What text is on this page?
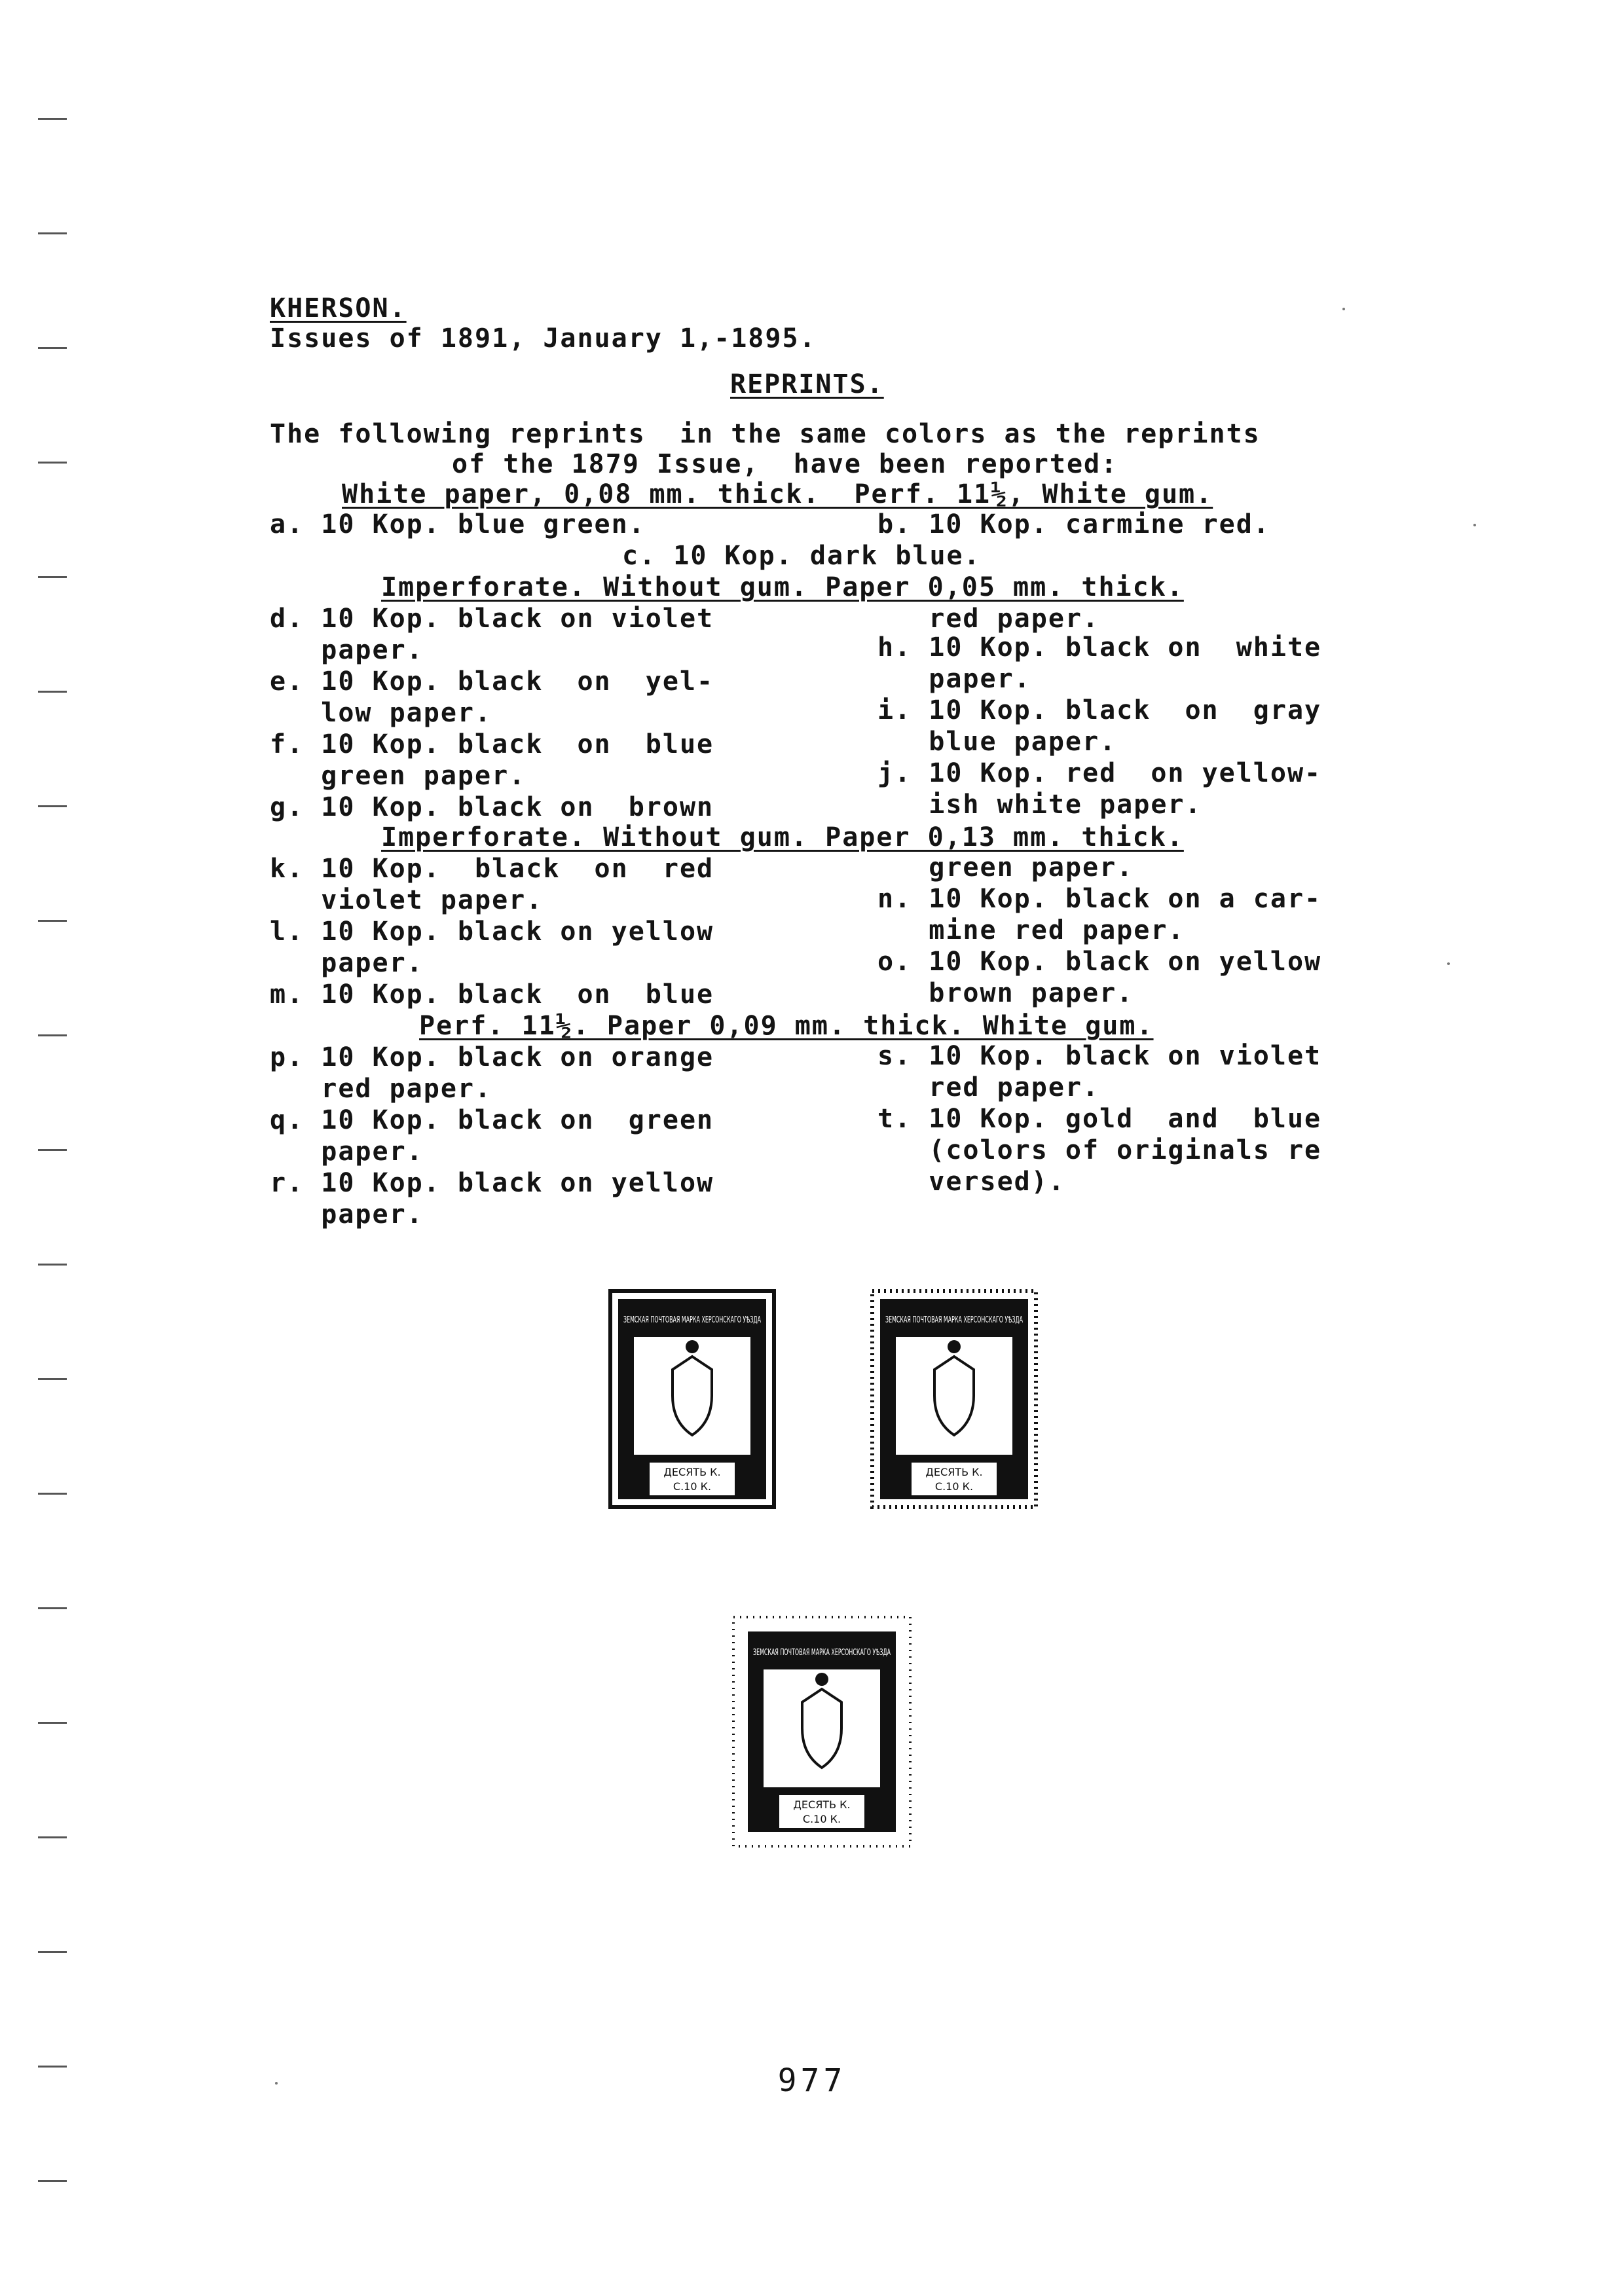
KHERSON.
Issues of 1891, January 1,-1895.
REPRINTS.
The following reprints  in the same colors as the reprints
of the 1879 Issue,  have been reported:
White paper, 0,08 mm. thick.  Perf. 11½, White gum.
a. 10 Kop. blue green.	b. 10 Kop. carmine red.
c. 10 Kop. dark blue.
Imperforate. Without gum. Paper 0,05 mm. thick.
d. 10 Kop. black on violet
paper.
e. 10 Kop. black  on  yel-
low paper.
f. 10 Kop. black  on  blue
green paper.
g. 10 Kop. black on  brown
red paper.
h. 10 Kop. black on  white
paper.
i. 10 Kop. black  on  gray
blue paper.
j. 10 Kop. red  on yellow-
ish white paper.
Imperforate. Without gum. Paper 0,13 mm. thick.
k. 10 Kop.  black  on  red
violet paper.
l. 10 Kop. black on yellow
paper.
m. 10 Kop. black  on  blue
green paper.
n. 10 Kop. black on a car-
mine red paper.
o. 10 Kop. black on yellow
brown paper.
Perf. 11½. Paper 0,09 mm. thick. White gum.
p. 10 Kop. black on orange
red paper.
q. 10 Kop. black on  green
paper.
r. 10 Kop. black on yellow
paper.
s. 10 Kop. black on violet
red paper.
t. 10 Kop. gold  and  blue
(colors of originals re
versed).
ДЕСЯТЬ К.
С.10 К.
ЗЕМСКАЯ ПОЧТОВАЯ МАРКА ХЕРСОНСКАГО УѢЗДА
ДЕСЯТЬ К.
С.10 К.
ЗЕМСКАЯ ПОЧТОВАЯ МАРКА ХЕРСОНСКАГО УѢЗДА
ДЕСЯТЬ К.
С.10 К.
ЗЕМСКАЯ ПОЧТОВАЯ МАРКА ХЕРСОНСКАГО УѢЗДА
977
